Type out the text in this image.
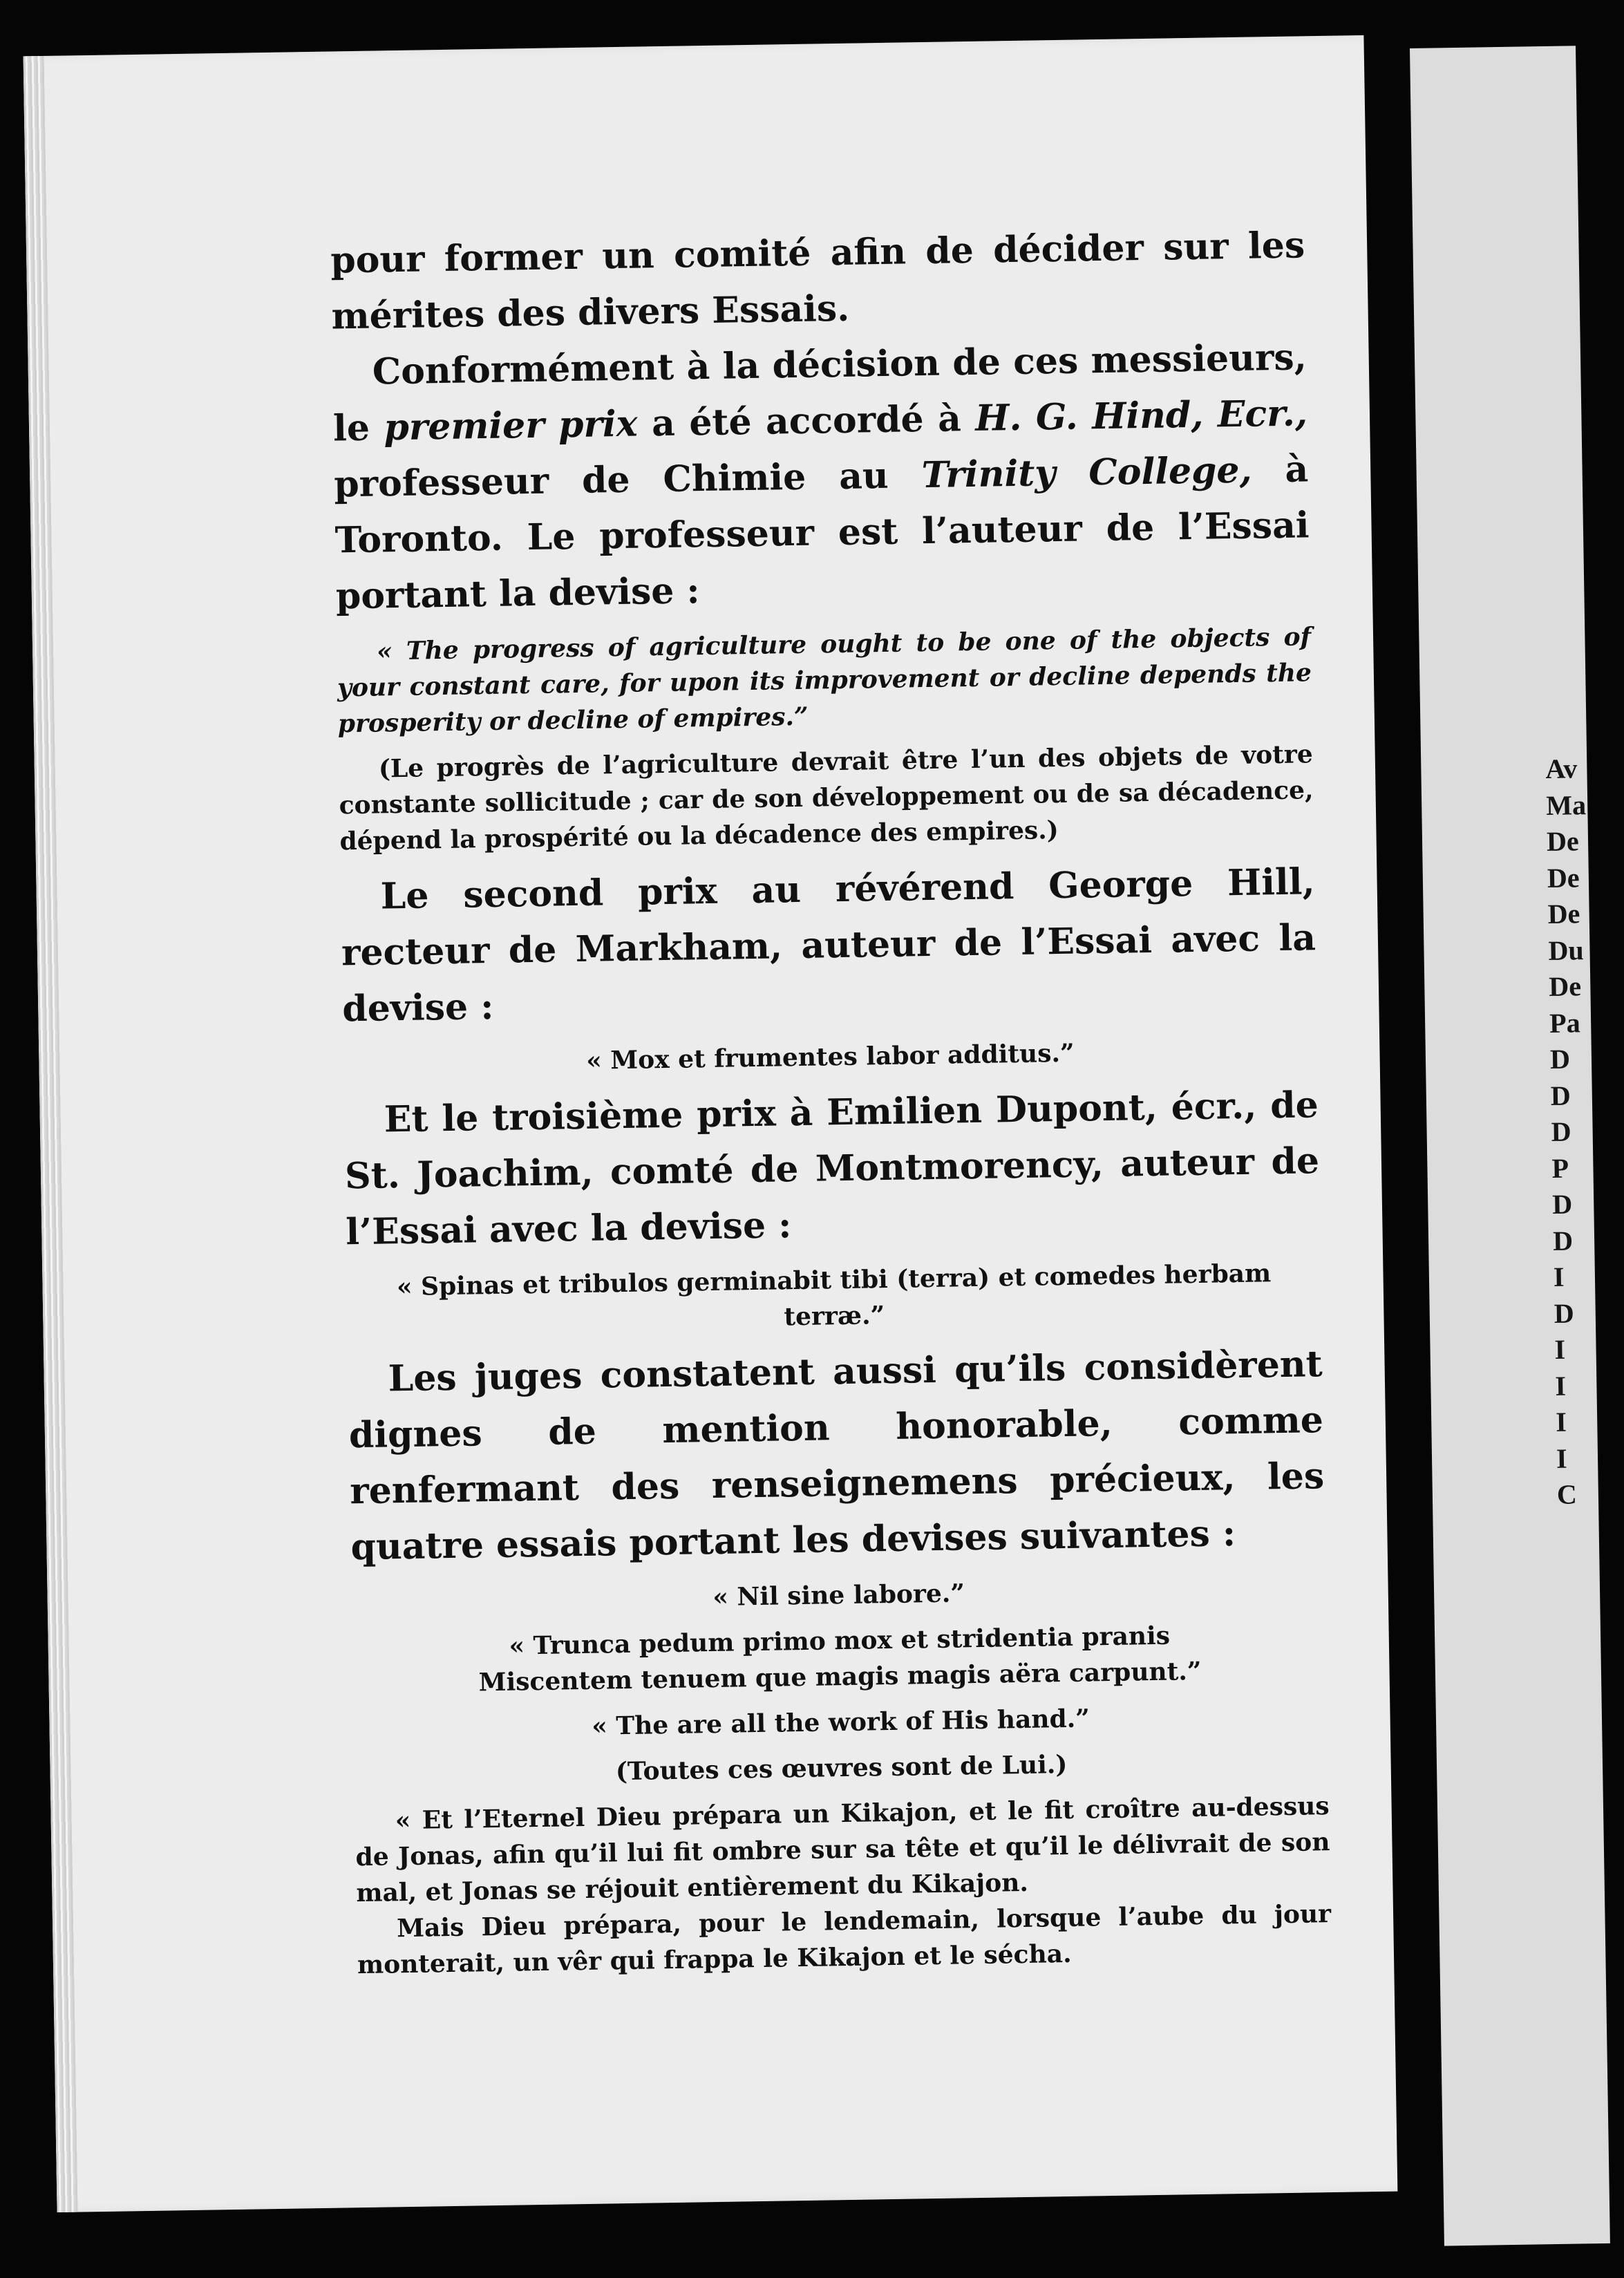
pour former un comité afin de décider sur les mérites des divers Essais.

Conformément à la décision de ces messieurs, le premier prix a été accordé à H. G. Hind, Ecr., professeur de Chimie au Trinity College, à Toronto. Le professeur est l’auteur de l’Essai portant la devise :

« The progress of agriculture ought to be one of the objects of your constant care, for upon its improvement or decline depends the prosperity or decline of empires.”

(Le progrès de l’agriculture devrait être l’un des objets de votre constante sollicitude ; car de son développement ou de sa décadence, dépend la prospérité ou la décadence des empires.)

Le second prix au révérend George Hill, recteur de Markham, auteur de l’Essai avec la devise :

« Mox et frumentes labor additus.”

Et le troisième prix à Emilien Dupont, écr., de St. Joachim, comté de Montmorency, auteur de l’Essai avec la devise :

« Spinas et tribulos germinabit tibi (terra) et comedes herbam terræ.”

Les juges constatent aussi qu’ils considèrent dignes de mention honorable, comme renfermant des renseignemens précieux, les quatre essais portant les devises suivantes :

« Nil sine labore.”

« Trunca pedum primo mox et stridentia pranis

Miscentem tenuem que magis magis aëra carpunt.”

« The are all the work of His hand.”

(Toutes ces œuvres sont de Lui.)

« Et l’Eternel Dieu prépara un Kikajon, et le fit croître au-dessus de Jonas, afin qu’il lui fit ombre sur sa tête et qu’il le délivrait de son mal, et Jonas se réjouit entièrement du Kikajon.

Mais Dieu prépara, pour le lendemain, lorsque l’aube du jour monterait, un vêr qui frappa le Kikajon et le sécha.

Av
Ma
De
De
De
Du
De
Pa
D
D
D
P
D
D
I
D
I
I
I
I
C
